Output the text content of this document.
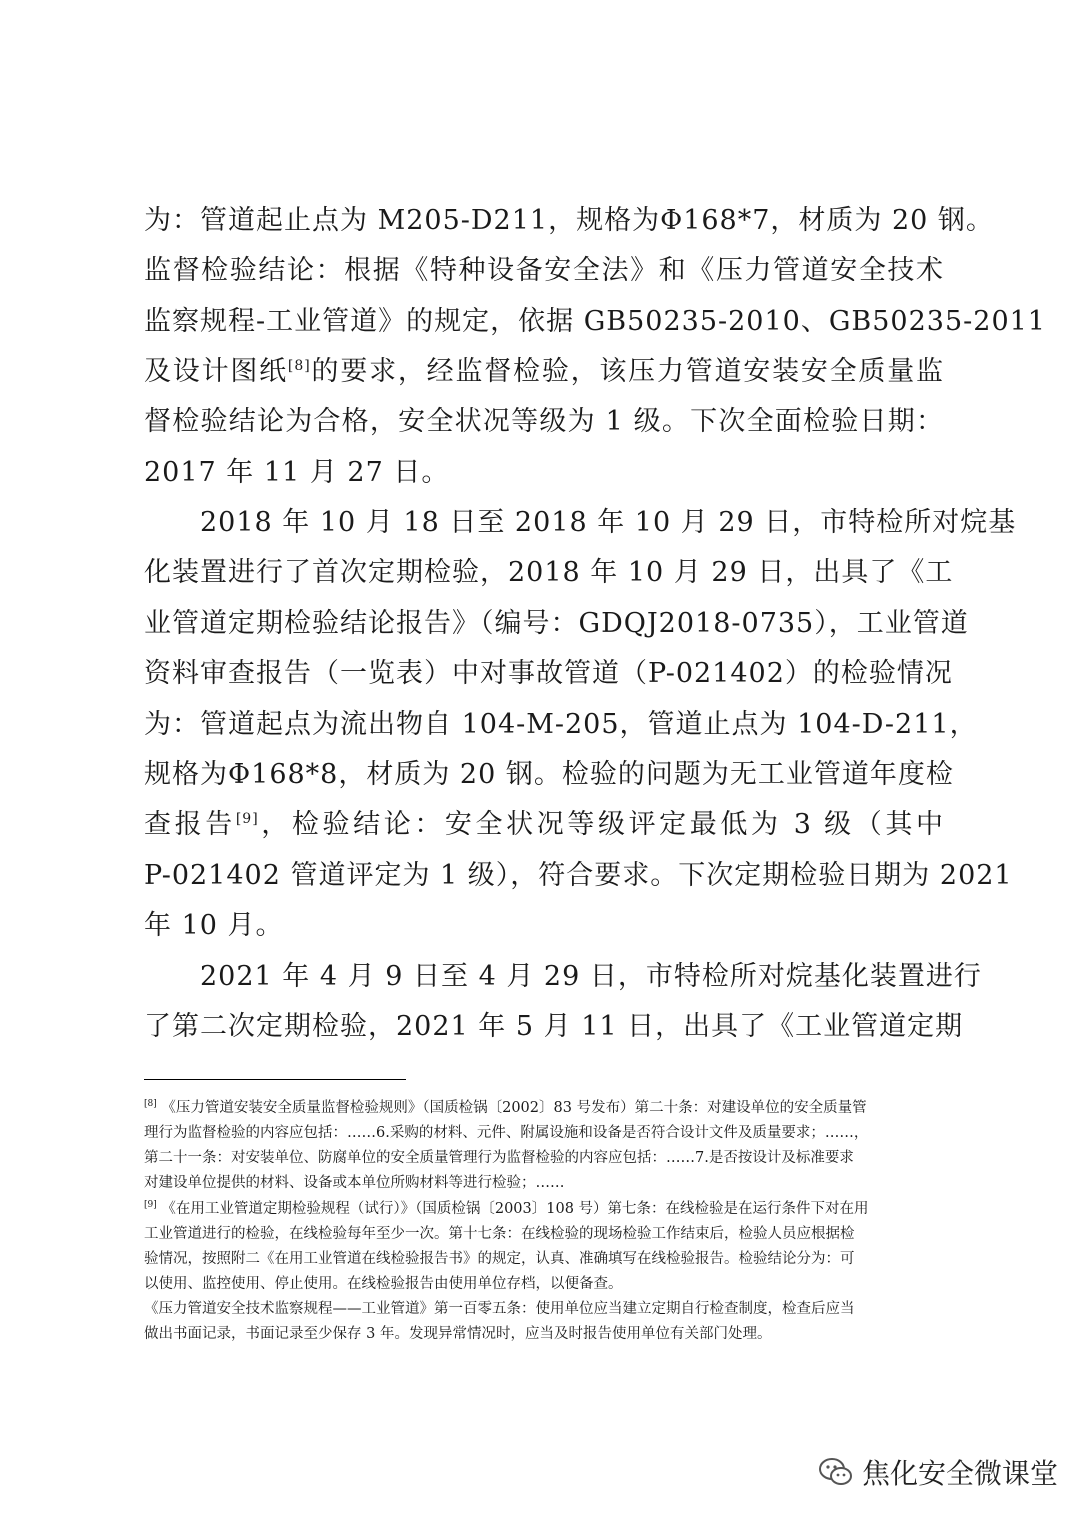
为：管道起止点为 M205-D211，规格为Φ168*7，材质为 20 钢。
监督检验结论：根据《特种设备安全法》和《压力管道安全技术
监察规程-工业管道》的规定，依据 GB50235-2010、GB50235-2011
及设计图纸[8]的要求，经监督检验，该压力管道安装安全质量监
督检验结论为合格，安全状况等级为 1 级。下次全面检验日期：
2017 年 11 月 27 日。
2018 年 10 月 18 日至 2018 年 10 月 29 日，市特检所对烷基
化装置进行了首次定期检验，2018 年 10 月 29 日，出具了《工
业管道定期检验结论报告》（编号：GDQJ2018-0735），工业管道
资料审查报告（一览表）中对事故管道（P-021402）的检验情况
为：管道起点为流出物自 104-M-205，管道止点为 104-D-211，
规格为Φ168*8，材质为 20 钢。检验的问题为无工业管道年度检
查报告[9]，检验结论：安全状况等级评定最低为 3 级（其中
P-021402 管道评定为 1 级），符合要求。下次定期检验日期为 2021
年 10 月。
2021 年 4 月 9 日至 4 月 29 日，市特检所对烷基化装置进行
了第二次定期检验，2021 年 5 月 11 日，出具了《工业管道定期
[8] 《压力管道安装安全质量监督检验规则》（国质检锅〔2002〕83 号发布）第二十条：对建设单位的安全质量管
理行为监督检验的内容应包括：……6.采购的材料、元件、附属设施和设备是否符合设计文件及质量要求；……，
第二十一条：对安装单位、防腐单位的安全质量管理行为监督检验的内容应包括：……7.是否按设计及标准要求
对建设单位提供的材料、设备或本单位所购材料等进行检验；……
[9] 《在用工业管道定期检验规程（试行）》（国质检锅〔2003〕108 号）第七条：在线检验是在运行条件下对在用
工业管道进行的检验，在线检验每年至少一次。第十七条：在线检验的现场检验工作结束后，检验人员应根据检
验情况，按照附二《在用工业管道在线检验报告书》的规定，认真、准确填写在线检验报告。检验结论分为：可
以使用、监控使用、停止使用。在线检验报告由使用单位存档，以便备查。
《压力管道安全技术监察规程——工业管道》第一百零五条：使用单位应当建立定期自行检查制度，检查后应当
做出书面记录，书面记录至少保存 3 年。发现异常情况时，应当及时报告使用单位有关部门处理。
焦化安全微课堂
